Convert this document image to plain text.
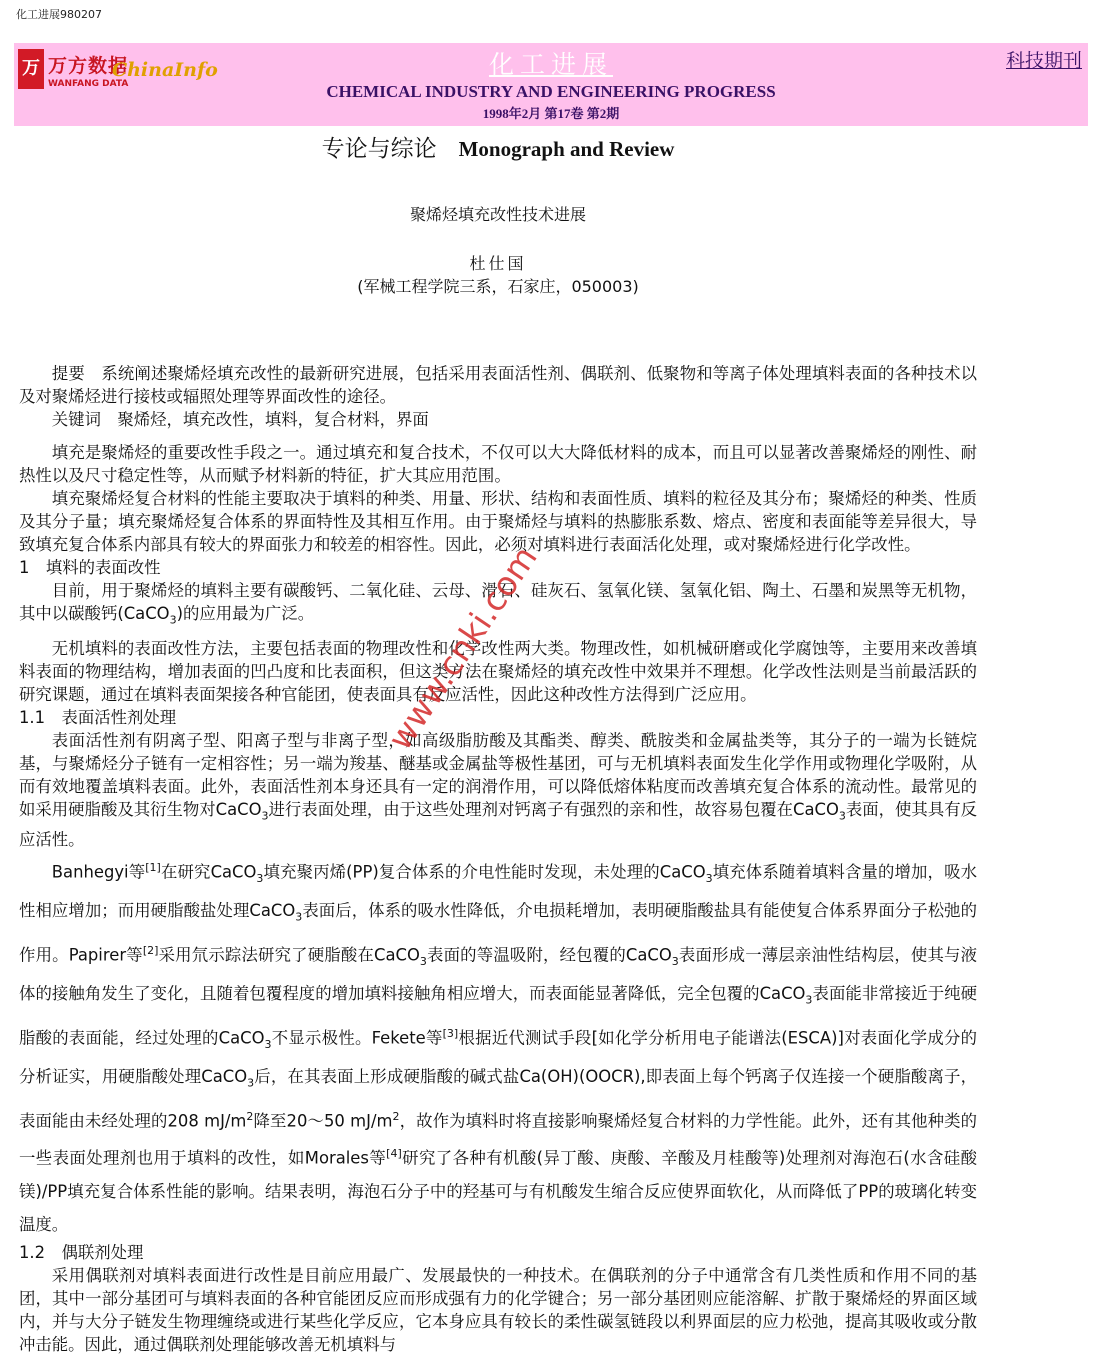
化工进展980207
万 万方数据
WANFANG DATA
ChinaInfo	化工进展
CHEMICAL INDUSTRY AND ENGINEERING PROGRESS
1998年2月 第17卷 第2期
科技期刊
专论与综论 Monograph and Review
聚烯烃填充改性技术进展
杜仕国
(军械工程学院三系，石家庄，050003)

提要　系统阐述聚烯烃填充改性的最新研究进展，包括采用表面活性剂、偶联剂、低聚物和等离子体处理填料表面的各种技术以及对聚烯烃进行接枝或辐照处理等界面改性的途径。

关键词　聚烯烃，填充改性，填料，复合材料，界面

填充是聚烯烃的重要改性手段之一。通过填充和复合技术，不仅可以大大降低材料的成本，而且可以显著改善聚烯烃的刚性、耐热性以及尺寸稳定性等，从而赋予材料新的特征，扩大其应用范围。

填充聚烯烃复合材料的性能主要取决于填料的种类、用量、形状、结构和表面性质、填料的粒径及其分布；聚烯烃的种类、性质及其分子量；填充聚烯烃复合体系的界面特性及其相互作用。由于聚烯烃与填料的热膨胀系数、熔点、密度和表面能等差异很大，导致填充复合体系内部具有较大的界面张力和较差的相容性。因此，必须对填料进行表面活化处理，或对聚烯烃进行化学改性。

1　填料的表面改性

目前，用于聚烯烃的填料主要有碳酸钙、二氧化硅、云母、滑石、硅灰石、氢氧化镁、氢氧化铝、陶土、石墨和炭黑等无机物，其中以碳酸钙(CaCO$_3$)的应用最为广泛。

无机填料的表面改性方法，主要包括表面的物理改性和化学改性两大类。物理改性，如机械研磨或化学腐蚀等，主要用来改善填料表面的物理结构，增加表面的凹凸度和比表面积，但这类方法在聚烯烃的填充改性中效果并不理想。化学改性法则是当前最活跃的研究课题，通过在填料表面架接各种官能团，使表面具有反应活性，因此这种改性方法得到广泛应用。

1.1　表面活性剂处理

表面活性剂有阴离子型、阳离子型与非离子型，如高级脂肪酸及其酯类、醇类、酰胺类和金属盐类等，其分子的一端为长链烷基，与聚烯烃分子链有一定相容性；另一端为羧基、醚基或金属盐等极性基团，可与无机填料表面发生化学作用或物理化学吸附，从而有效地覆盖填料表面。此外，表面活性剂本身还具有一定的润滑作用，可以降低熔体粘度而改善填充复合体系的流动性。最常见的如采用硬脂酸及其衍生物对CaCO$_3$进行表面处理，由于这些处理剂对钙离子有强烈的亲和性，故容易包覆在CaCO$_3$表面，使其具有反应活性。

Banhegyi等[1]在研究CaCO$_3$填充聚丙烯(PP)复合体系的介电性能时发现，未处理的CaCO$_3$填充体系随着填料含量的增加，吸水性相应增加；而用硬脂酸盐处理CaCO$_3$表面后，体系的吸水性降低，介电损耗增加，表明硬脂酸盐具有能使复合体系界面分子松弛的作用。Papirer等[2]采用氘示踪法研究了硬脂酸在CaCO$_3$表面的等温吸附，经包覆的CaCO$_3$表面形成一薄层亲油性结构层，使其与液体的接触角发生了变化，且随着包覆程度的增加填料接触角相应增大，而表面能显著降低，完全包覆的CaCO$_3$表面能非常接近于纯硬脂酸的表面能，经过处理的CaCO$_3$不显示极性。Fekete等[3]根据近代测试手段[如化学分析用电子能谱法(ESCA)]对表面化学成分的分析证实，用硬脂酸处理CaCO$_3$后，在其表面上形成硬脂酸的碱式盐Ca(OH)(OOCR),即表面上每个钙离子仅连接一个硬脂酸离子，表面能由未经处理的208 $mJ/m^2$降至20～50 $mJ/m^2$，故作为填料时将直接影响聚烯烃复合材料的力学性能。此外，还有其他种类的一些表面处理剂也用于填料的改性，如Morales等[4]研究了各种有机酸(异丁酸、庚酸、辛酸及月桂酸等)处理剂对海泡石(水含硅酸镁)/PP填充复合体系性能的影响。结果表明，海泡石分子中的羟基可与有机酸发生缩合反应使界面软化，从而降低了PP的玻璃化转变温度。

1.2　偶联剂处理

采用偶联剂对填料表面进行改性是目前应用最广、发展最快的一种技术。在偶联剂的分子中通常含有几类性质和作用不同的基团，其中一部分基团可与填料表面的各种官能团反应而形成强有力的化学键合；另一部分基团则应能溶解、扩散于聚烯烃的界面区域内，并与大分子链发生物理缠绕或进行某些化学反应，它本身应具有较长的柔性碳氢链段以利界面层的应力松弛，提高其吸收或分散冲击能。因此，通过偶联剂处理能够改善无机填料与

www.cnki.com
